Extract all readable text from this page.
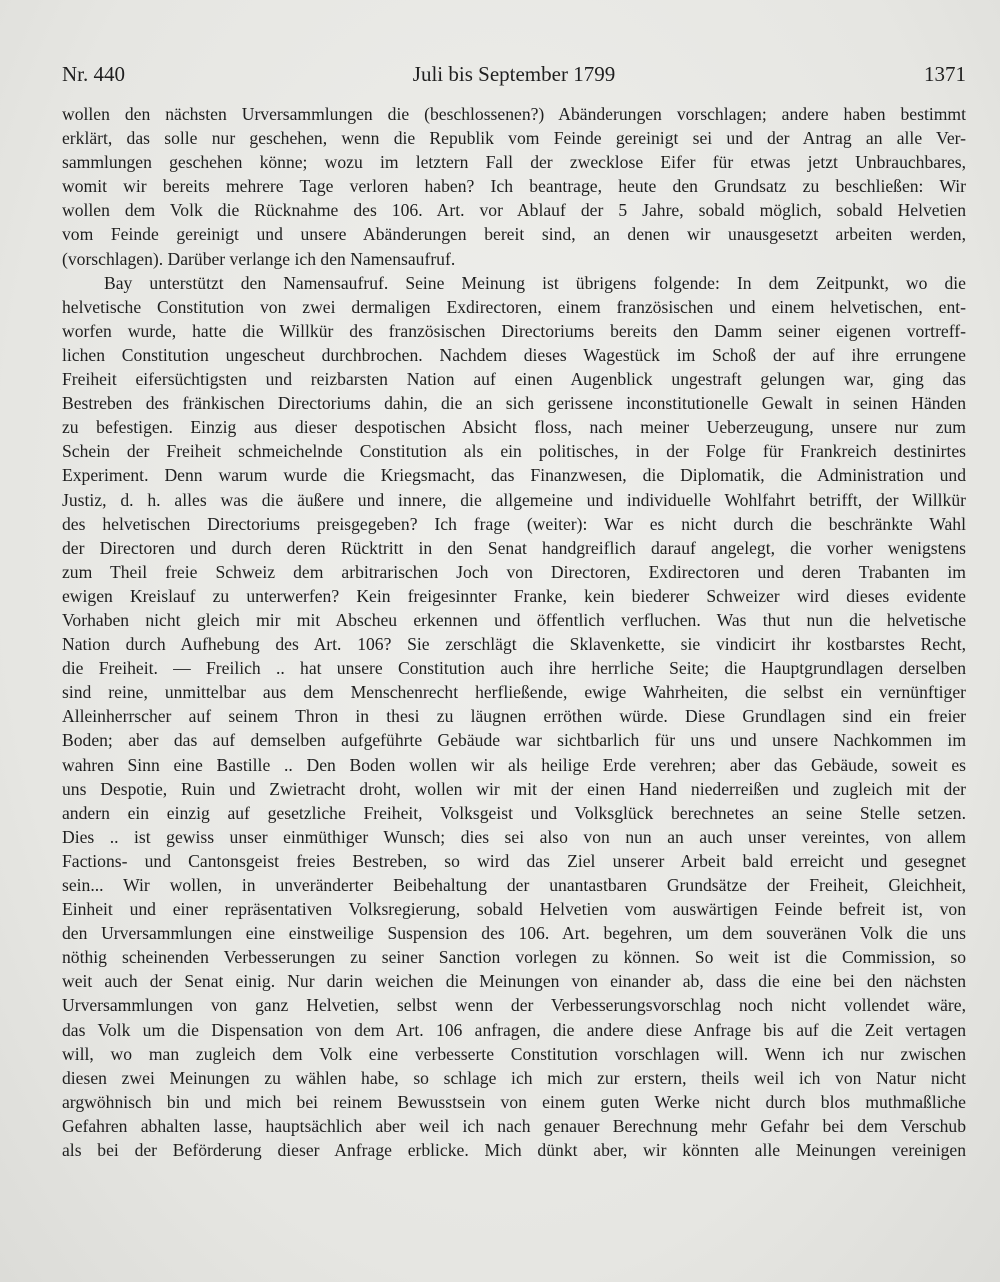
Nr. 440	Juli bis September 1799	1371
wollen den nächsten Urversammlungen die (beschlossenen?) Abänderungen vorschlagen; andere haben bestimmt
erklärt, das solle nur geschehen, wenn die Republik vom Feinde gereinigt sei und der Antrag an alle Ver-
sammlungen geschehen könne; wozu im letztern Fall der zwecklose Eifer für etwas jetzt Unbrauchbares,
womit wir bereits mehrere Tage verloren haben? Ich beantrage, heute den Grundsatz zu beschließen: Wir
wollen dem Volk die Rücknahme des 106. Art. vor Ablauf der 5 Jahre, sobald möglich, sobald Helvetien
vom Feinde gereinigt und unsere Abänderungen bereit sind, an denen wir unausgesetzt arbeiten werden,
(vorschlagen). Darüber verlange ich den Namensaufruf.
Bay unterstützt den Namensaufruf. Seine Meinung ist übrigens folgende: In dem Zeitpunkt, wo die
helvetische Constitution von zwei dermaligen Exdirectoren, einem französischen und einem helvetischen, ent-
worfen wurde, hatte die Willkür des französischen Directoriums bereits den Damm seiner eigenen vortreff-
lichen Constitution ungescheut durchbrochen. Nachdem dieses Wagestück im Schoß der auf ihre errungene
Freiheit eifersüchtigsten und reizbarsten Nation auf einen Augenblick ungestraft gelungen war, ging das
Bestreben des fränkischen Directoriums dahin, die an sich gerissene inconstitutionelle Gewalt in seinen Händen
zu befestigen. Einzig aus dieser despotischen Absicht floss, nach meiner Ueberzeugung, unsere nur zum
Schein der Freiheit schmeichelnde Constitution als ein politisches, in der Folge für Frankreich destinirtes
Experiment. Denn warum wurde die Kriegsmacht, das Finanzwesen, die Diplomatik, die Administration und
Justiz, d. h. alles was die äußere und innere, die allgemeine und individuelle Wohlfahrt betrifft, der Willkür
des helvetischen Directoriums preisgegeben? Ich frage (weiter): War es nicht durch die beschränkte Wahl
der Directoren und durch deren Rücktritt in den Senat handgreiflich darauf angelegt, die vorher wenigstens
zum Theil freie Schweiz dem arbitrarischen Joch von Directoren, Exdirectoren und deren Trabanten im
ewigen Kreislauf zu unterwerfen? Kein freigesinnter Franke, kein biederer Schweizer wird dieses evidente
Vorhaben nicht gleich mir mit Abscheu erkennen und öffentlich verfluchen. Was thut nun die helvetische
Nation durch Aufhebung des Art. 106? Sie zerschlägt die Sklavenkette, sie vindicirt ihr kostbarstes Recht,
die Freiheit. — Freilich .. hat unsere Constitution auch ihre herrliche Seite; die Hauptgrundlagen derselben
sind reine, unmittelbar aus dem Menschenrecht herfließende, ewige Wahrheiten, die selbst ein vernünftiger
Alleinherrscher auf seinem Thron in thesi zu läugnen erröthen würde. Diese Grundlagen sind ein freier
Boden; aber das auf demselben aufgeführte Gebäude war sichtbarlich für uns und unsere Nachkommen im
wahren Sinn eine Bastille .. Den Boden wollen wir als heilige Erde verehren; aber das Gebäude, soweit es
uns Despotie, Ruin und Zwietracht droht, wollen wir mit der einen Hand niederreißen und zugleich mit der
andern ein einzig auf gesetzliche Freiheit, Volksgeist und Volksglück berechnetes an seine Stelle setzen.
Dies .. ist gewiss unser einmüthiger Wunsch; dies sei also von nun an auch unser vereintes, von allem
Factions- und Cantonsgeist freies Bestreben, so wird das Ziel unserer Arbeit bald erreicht und gesegnet
sein... Wir wollen, in unveränderter Beibehaltung der unantastbaren Grundsätze der Freiheit, Gleichheit,
Einheit und einer repräsentativen Volksregierung, sobald Helvetien vom auswärtigen Feinde befreit ist, von
den Urversammlungen eine einstweilige Suspension des 106. Art. begehren, um dem souveränen Volk die uns
nöthig scheinenden Verbesserungen zu seiner Sanction vorlegen zu können. So weit ist die Commission, so
weit auch der Senat einig. Nur darin weichen die Meinungen von einander ab, dass die eine bei den nächsten
Urversammlungen von ganz Helvetien, selbst wenn der Verbesserungsvorschlag noch nicht vollendet wäre,
das Volk um die Dispensation von dem Art. 106 anfragen, die andere diese Anfrage bis auf die Zeit vertagen
will, wo man zugleich dem Volk eine verbesserte Constitution vorschlagen will. Wenn ich nur zwischen
diesen zwei Meinungen zu wählen habe, so schlage ich mich zur erstern, theils weil ich von Natur nicht
argwöhnisch bin und mich bei reinem Bewusstsein von einem guten Werke nicht durch blos muthmaßliche
Gefahren abhalten lasse, hauptsächlich aber weil ich nach genauer Berechnung mehr Gefahr bei dem Verschub
als bei der Beförderung dieser Anfrage erblicke. Mich dünkt aber, wir könnten alle Meinungen vereinigen
